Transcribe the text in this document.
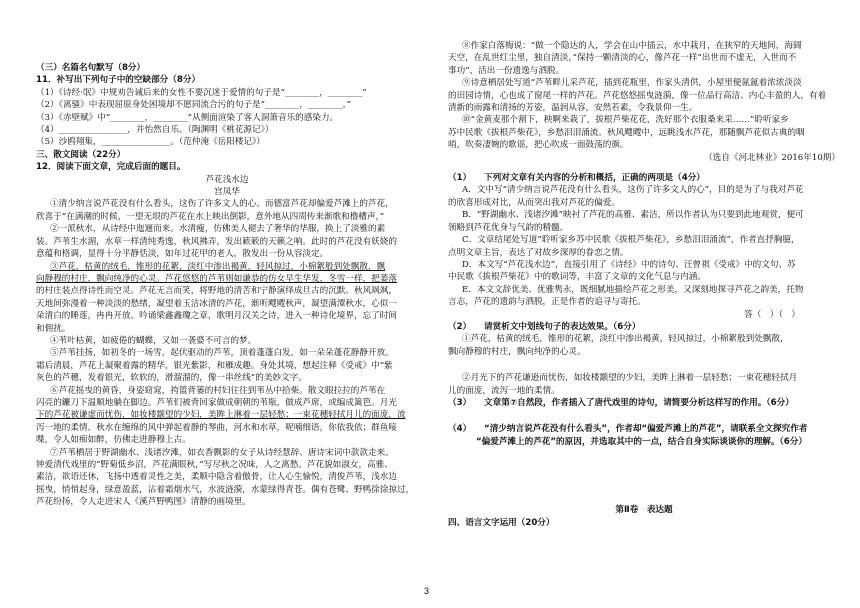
（三）名篇名句默写（8分）
11．补写出下列句子中的空缺部分（8分）
（1）《诗经·氓》中规劝告诫后来的女性不要沉迷于爱情的句子是“________，________”
（2）《离骚》中表现屈原身处困境却不愿同流合污的句子是“________，________。”
（3）《赤壁赋》中“________，________”从侧面渲染了客人洞箫音乐的感染力。
（4）________________，并怡然自乐。（陶渊明《桃花源记》）
（5）沙鸥翔集，________________。（范仲淹《岳阳楼记》）
三、散文阅读（22分）
12．阅读下面文章，完成后面的题目。
芦花浅水边
宫凤华
①清少纳言说芦花没有什么看头，这伤了许多文人的心。而德富芦花却偏爱芦滩上的芦花，
欣喜于“在满潮的时候，一望无垠的芦花在水上映出倒影，意外地从四周传来渐歌和橹槽声，”
②一派秋水，从诗经中迤逦而来。水清瘦，仿佛美人褪去了奢华的华服，换上了淡雅的素
装。芦苇生水湄，水草一样清纯秀逸，秋风拂弄，发出簌簌的天籁之响。此时的芦花没有妖娆的
意蕴和格调，显得十分平静恬淡，如年过花甲的老人，散发出一份从容淡定。
③芦花，枯黄的绒毛，锥形的花絮，淡红中渗出褐黄，轻风掠过，小棉絮般到处飘散，飘
向静穆的村庄，飘向纯净的心灵。芦花悠悠的芦苇则如谦恭的仿女早生华发，冬雪一样，把萎落
的村庄装点得诗性而空灵。芦花无言而笑，将野地的清苦和宁静演绎成旦古的沉默。秋风飒飒，
天地间弥漫着一种淡淡的愁绪，凝望着玉洁冰清的芦花，渐听飕飕秋声，凝望满潭秋水，心似一
朵清白的睡莲，冉冉开放。吟诵梁鑫鑫瓊之章，歌明月汉关之诗，进入一种诗化境界，忘了时间
和佣扰。
④苇叶枯黄，如疲倦的蝴蝶，又如一袭婆不可言的梦。
⑤芦苇挂扬，如初冬的一场雪，起伏驱动的芦苇，顶着蓬蓬白发，如一朵朵蓬花静静开放。
霜后清晨，芦花上凝聚着露的精华，银光紫影，和雁成趣。身处其境，想起注释《受戒》中“紫
灰色的芦穗，发着银光，软软的，滑溜溜的，像一串丝线”的美妙文字。
⑥芦花摇曳的黄昏，身姿窈窕，挎篮背篓的村妇往往到苇丛中拾柴。散文眼拉拉的芦苇在
闪亮的鐮刀下温顺地躺在脚边。芦苇们被背回家做成朝朝的苇瓶，做成芦席，或编成篱笆。月光
下的芦花被谦虚而忧伤，如妆楼颥望的少妇，美眸上淋着一层轻愁；一束花穗轻拭月儿的面庞，流
泻一地的柔情。秋水在缠绵的风中弹起着静的琴曲，河水和水草，呢喃细语，你依我依；群鱼唼
喋，令人如痴如醉，仿佛走进静穆上古。
⑦芦苇栖居于野湖幽水、浅诸汐滩，如衣香飘影的女子从诗经慧辞、唐诗宋词中款款走来。
钟爱清代戏里的“野菊低乡沼，芦花满眼秋，”写尽秋之况味，人之离愁。芦花貌如淑女，高雅、
素洁，欲语还休，飞扬中透着灵性之美，柔顺中隐含着傲骨，让人心生愉悦，清俊芦苇，浅水边
摇曳，悄悄起身，绿意盈蓝，沾着霜烟水气，水波涟漪，水蒙绿得青苍。偶有苍鹭、野鸭徐徐掠过，
芦花纷扬，令人走进宋人《溪芦野鸭图》清静的画境里。
⑧作家白落梅说：“做一个隐达的人，学会在山中插云，水中栽月，在狭窄的天地间，海阔
天空，在乱世红尘里，独自清淡，”保持一颗清淡的心，像芦花一样“出世而不虚无，入世而不
事功”，活出一份遗逸与洒脱。
⑨诗意栖居处写道“芦苇畔儿采芦花，插到花瓶里，作家头清供，小屋里便氤氲着浓浓淡淡
的田园诗情，心也成了窗尾一样的芦花。芦花悠悠摇曳涟漪，像一位品行高洁、内心丰盈的人，有着
清新的雨露和清扬的芳姿，温润从容，安然若素，令我景仰一生。
⑩“金黄麦那个割下，秧啊来栽了，拔根芦柴花花，洗好那个衣服桑来采……”聆听家乡
苏中民歌《拔根芦柴花》，乡愁泪泪涌流。秋风飕飕中，远眺浅水芦花，那随飘芦花似古典的咽
哨，吹奏凄婉的歌谣，把心吹成一面鼓荡的旗。
（选自《河北林业》2016年10期）
（1）　　下列对文章有关内容的分析和概括，正确的两项是（4分）
A．文中写“清少纳言说芦花没有什么看头，这伤了许多文人的心”，目的是为了与我对芦花
的欣喜形成对比，从而突出我对芦花的偏爱。
B．“野湖幽水、浅诸汐滩”映衬了芦花的高雅、素洁，所以作者认为只要到此地观赏，便可
领略到芦花优身与气韵的精髓。
C．文章结尾处写道“聆听家乡苏中民歌《拔根芦柴花》，乡愁泪泪涌流”，作者直抒胸臆，
点明文章主旨，表达了对故乡深厚的眷恋之情。
D．本文写“芦花浅水边”，直接引用了《诗经》中的诗句、汪曾祺《受戒》中的文句、苏
中民歌《拔根芦柴花》中的歌词等，丰富了文章的文化气息与内涵。
E．本文文辞优美、优雅隽永，既细腻地描绘芦花之形美，又深刻地探寻芦花之韵美，托物
言志，芦花的遗韵与洒脱，正是作者的追寻与寄托。
答（　）（　）
（2）　　请赏析文中划线句子的表达效果。（6分）
①芦花，枯黄的绒毛，锥形的花絮，淡红中渗出褐黄，轻风掠过，小棉絮般到处飘散，
飘向静穆的村庄，飘向纯净的心灵。
②月光下的芦花谦逊而忧伤，如妆楼颥望的少妇，美眸上淋着一层轻愁；一束花穗轻拭月
儿的面庞，流泻一地的柔情。
（3）　　文章第⑦自然段，作者插入了唐代戏里的诗句，请简要分析这样写的作用。（6分）
（4）　　“清少纳言说芦花没有什么看头”，作者却“偏爱芦滩上的芦花”，请联系全文探究作者
“偏爱芦滩上的芦花”的原因，并选取其中的一点，结合自身实际谈谈你的理解。（6分）
第Ⅱ卷　表达题
四、语言文字运用（20分）
3
